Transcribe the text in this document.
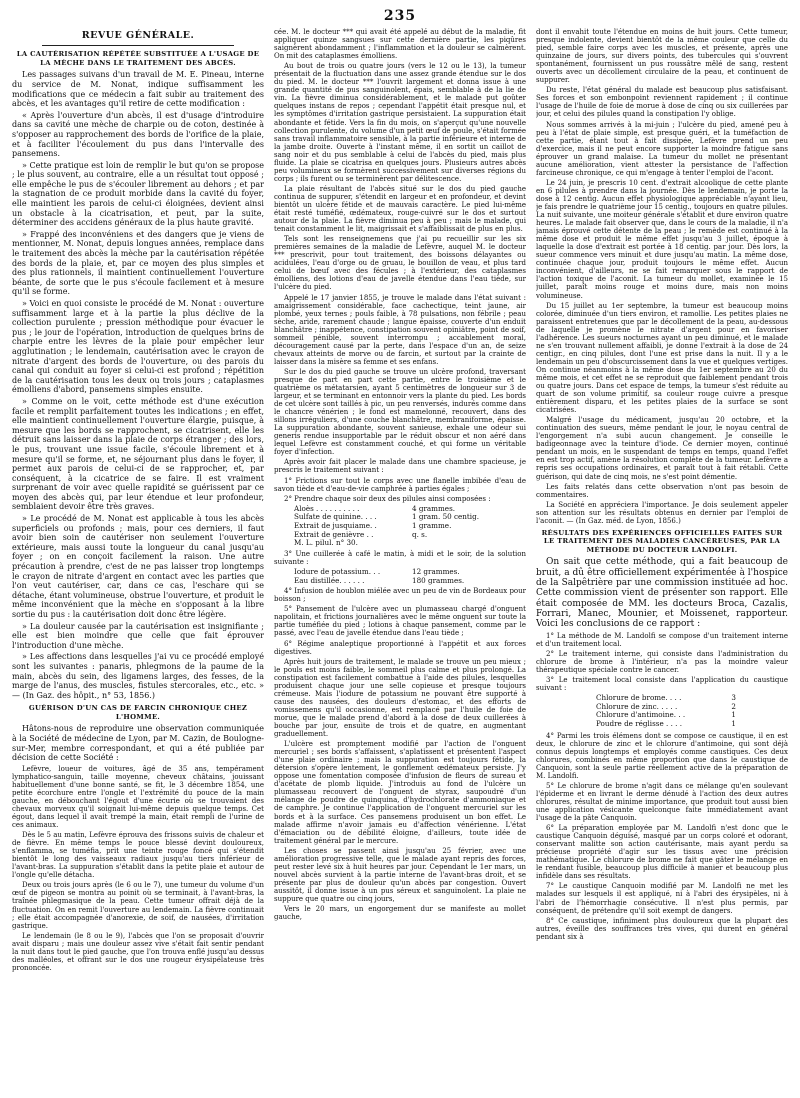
235
REVUE GÉNÉRALE.
LA CAUTÉRISATION RÉPÉTÉE SUBSTITUÉE A L'USAGE DE LA MÈCHE DANS LE TRAITEMENT DES ABCÈS.

Les passages suivans d'un travail de M. E. Pineau, interne du service de M. Nonat, indique suffisamment les modifications que ce médecin a fait subir au traitement des abcès, et les avantages qu'il retire de cette modification :

« Après l'ouverture d'un abcès, il est d'usage d'introduire dans sa cavité une mèche de charpie ou de coton, destinée à s'opposer au rapprochement des bords de l'orifice de la plaie, et à faciliter l'écoulement du pus dans l'intervalle des pansemens.

» Cette pratique est loin de remplir le but qu'on se propose ; le plus souvent, au contraire, elle a un résultat tout opposé ; elle empêche le pus de s'écouler librement au dehors ; et par la stagnation de ce produit morbide dans la cavité du foyer, elle maintient les parois de celui-ci éloignées, devient ainsi un obstacle à la cicatrisation, et peut, par la suite, déterminer des accidens généraux de la plus haute gravité.

» Frappé des inconvéniens et des dangers que je viens de mentionner, M. Nonat, depuis longues années, remplace dans le traitement des abcès la mèche par la cautérisation répétée des bords de la plaie, et, par ce moyen des plus simples et des plus rationnels, il maintient continuellement l'ouverture béante, de sorte que le pus s'écoule facilement et à mesure qu'il se forme.

» Voici en quoi consiste le procédé de M. Nonat : ouverture suffisamment large et à la partie la plus déclive de la collection purulente ; pression méthodique pour évacuer le pus ; le jour de l'opération, introduction de quelques brins de charpie entre les lèvres de la plaie pour empêcher leur agglutination ; le lendemain, cautérisation avec le crayon de nitrate d'argent des bords de l'ouverture, ou des parois du canal qui conduit au foyer si celui-ci est profond ; répétition de la cautérisation tous les deux ou trois jours ; cataplasmes émolliens d'abord, pansemens simples ensuite.

» Comme on le voit, cette méthode est d'une exécution facile et remplit parfaitement toutes les indications ; en effet, elle maintient continuellement l'ouverture élargie, puisque, à mesure que les bords se rapprochent, se cicatrisent, elle les détruit sans laisser dans la plaie de corps étranger ; des lors, le pus, trouvant une issue facile, s'écoule librement et à mesure qu'il se forme, et, ne séjournant plus dans le foyer, il permet aux parois de celui-ci de se rapprocher, et, par conséquent, à la cicatrice de se faire. Il est vraiment surprenant de voir avec quelle rapidité se guérissent par ce moyen des abcès qui, par leur étendue et leur profondeur, semblaient devoir être très graves.

» Le procédé de M. Nonat est applicable à tous les abcès superficiels ou profonds ; mais, pour ces derniers, il faut avoir bien soin de cautériser non seulement l'ouverture extérieure, mais aussi toute la longueur du canal jusqu'au foyer ; on en conçoit facilement la raison. Une autre précaution à prendre, c'est de ne pas laisser trop longtemps le crayon de nitrate d'argent en contact avec les parties que l'on veut cautériser, car, dans ce cas, l'eschare qui se détache, étant volumineuse, obstrue l'ouverture, et produit le même inconvénient que la mèche en s'opposant à la libre sortie du pus : la cautérisation doit donc être légère.

» La douleur causée par la cautérisation est insignifiante ; elle est bien moindre que celle que fait éprouver l'introduction d'une mèche.

» Les affections dans lesquelles j'ai vu ce procédé employé sont les suivantes : panaris, phlegmons de la paume de la main, abcès du sein, des ligamens larges, des fesses, de la marge de l'anus, des muscles, fistules stercorales, etc., etc. » — (In Gaz. des hôpit., n° 53, 1856.)

GUÉRISON D'UN CAS DE FARCIN CHRONIQUE CHEZ L'HOMME.

Hâtons-nous de reproduire une observation communiquée à la Société de médecine de Lyon, par M. Cazin, de Boulogne-sur-Mer, membre correspondant, et qui a été publiée par décision de cette Société :

Lefèvre, loueur de voitures, âgé de 35 ans, tempérament lymphatico-sanguin, taille moyenne, cheveux châtains, jouissant habituellement d'une bonne santé, se fit, le 3 décembre 1854, une petite écorchure entre l'ongle et l'extrémité du pouce de la main gauche, en débouchant l'égout d'une écurie où se trouvaient des chevaux morveux qu'il soignait lui-même depuis quelque temps. Cet égout, dans lequel il avait trempé la main, était rempli de l'urine de ces animaux.

Dès le 5 au matin, Lefèvre éprouva des frissons suivis de chaleur et de fièvre. En même temps le pouce blessé devint douloureux, s'enflamma, se tuméfia, prit une teinte rouge foncé qui s'étendit bientôt le long des vaisseaux radiaux jusqu'au tiers inférieur de l'avant-bras. La suppuration s'établit dans la petite plaie et autour de l'ongle qu'elle détacha.

Deux ou trois jours après (le 6 ou le 7), une tumeur du volume d'un œuf de pigeon se montra au poinit où se terminait, à l'avant-bras, la traînée phlegmasique de la peau. Cette tumeur offrait déjà de la fluctuation. On en remit l'ouverture au lendemain. La fièvre continuait ; elle était accompagnée d'anorexie, de soif, de nausées, d'irritation gastrique.

Le lendemain (le 8 ou le 9), l'abcès que l'on se proposait d'ouvrir avait disparu ; mais une douleur assez vive s'était fait sentir pendant la nuit dans tout le pied gauche, que l'on trouva enflé jusqu'au dessus des malléoles, et offrant sur le dos une rougeur érysipélateuse très prononcée.

cée. M. le docteur *** qui avait été appelé au début de la maladie, fit appliquer quinze sangsues sur cette dernière partie, les piqûres saignèrent abondamment ; l'inflammation et la douleur se calmèrent. On mit des cataplasmes émolliens.

Au bout de trois ou quatre jours (vers le 12 ou le 13), la tumeur présentait de la fluctuation dans une assez grande étendue sur le dos du pied. M. le docteur *** l'ouvrit largement et donna issue à une grande quantité de pus sanguinolent, épais, semblable à de la lie de vin. La fièvre diminua considérablement, et le malade put goûter quelques instans de repos ; cependant l'appétit était presque nul, et les symptômes d'irritation gastrique persistaient. La suppuration était abondante et fétide. Vers la fin du mois, on s'aperçut qu'une nouvelle collection purulente, du volume d'un petit œuf de poule, s'était formée sans travail inflammatoire sensible, à la partie inférieure et interne de la jambe droite. Ouverte à l'instant même, il en sortit un caillot de sang noir et du pus semblable à celui de l'abcès du pied, mais plus fluide. La plaie se cicatrisa en quelques jours. Plusieurs autres abcès peu volumineux se formèrent successivement sur diverses régions du corps ; ils furent ou se terminèrent par délitescence.

La plaie résultant de l'abcès situé sur le dos du pied gauche continua de suppurer, s'étendit en largeur et en profondeur, et devint bientôt un ulcère fétide et de mauvais caractère. Le pied lui-même était resté tuméfié, œdémateux, rouge-cuivré sur le dos et surtout autour de la plaie. La fièvre diminua peu à peu ; mais le malade, qui tenait constamment le lit, maigrissait et s'affaiblissait de plus en plus.

Tels sont les renseignemens que j'ai pu recueillir sur les six premières semaines de la maladie de Lefèvre, auquel M. le docteur *** prescrivit, pour tout traitement, des boissons délayantes ou acidulées, l'eau d'orge ou de gruau, le bouillon de veau, et plus tard celui de bœuf avec des fécules ; à l'extérieur, des cataplasmes émolliens, des lotions d'eau de javelle étendue dans l'eau tiède, sur l'ulcère du pied.

Appelé le 17 janvier 1855, je trouve le malade dans l'état suivant : amaigrissement considérable, face cachectique, teint jaune, air plombé, yeux ternes ; pouls faible, à 78 pulsations, non fébrile ; peau sèche, aride, rarement chaude ; langue épaisse, couverte d'un enduit blanchâtre ; inappétence, constipation souvent opiniâtre, point de soif, sommeil pénible, souvent interrompu ; accablement moral, découragement causé par la perte, dans l'espace d'un an, de seize chevaux atteints de morve ou de farcin, et surtout par la crainte de laisser dans la misère sa femme et ses enfans.

Sur le dos du pied gauche se trouve un ulcère profond, traversant presque de part en part cette partie, entre le troisième et le quatrième os métatarsien, ayant 5 centimètres de longueur sur 3 de largeur, et se terminant en entonnoir vers la plante du pied. Les bords de cet ulcère sont taillés à pic, un peu renversés, indurés comme dans le chancre vénérien ; le fond est mamelonné, recouvert, dans des sillons irréguliers, d'une couche blanchâtre, membraniforme, épaisse. La suppuration abondante, souvent sanieuse, exhale une odeur sui generis rendue insupportable par le réduit obscur et non aéré dans lequel Lefèvre est constamment couché, et qui forme un véritable foyer d'infection.

Après avoir fait placer le malade dans une chambre spacieuse, je prescris le traitement suivant :

1° Frictions sur tout le corps avec une flanelle imbibée d'eau de savon tiède et d'eau-de-vie camphrée à parties égales ;

2° Prendre chaque soir deux des pilules ainsi composées :

Aloès . . . . . . . . . .	4 grammes.
Sulfate de quinine. . . .	1 gram. 50 centig.
Extrait de jusquiame. .	1 gramme.
Extrait de genièvre . .	q. s.
M. L. pilul. n° 30.

3° Une cuillerée à café le matin, à midi et le soir, de la solution suivante :

Iodure de potassium. . .	12 grammes.
Eau distillée. . . . . .	180 grammes.

4° Infusion de houblon miélée avec un peu de vin de Bordeaux pour boisson ;

5° Pansement de l'ulcère avec un plumasseau chargé d'onguent napolitain, et frictions journalières avec le même onguent sur toute la partie tuméfiée du pied ; lotions à chaque pansement, comme par le passé, avec l'eau de javelle étendue dans l'eau tiède ;

6° Régime analeptique proportionné à l'appétit et aux forces digestives.

Après huit jours de traitement, le malade se trouve un peu mieux ; le pouls est moins faible, le sommeil plus calme et plus prolongé. La constipation est facilement combattue à l'aide des pilules, lesquelles produisent chaque jour une selle copieuse et presque toujours crémeuse. Mais l'iodure de potassium ne pouvant être supporté à cause des nausées, des douleurs d'estomac, et des efforts de vomissemens qu'il occasionne, est remplacé par l'huile de foie de morue, que le malade prend d'abord à la dose de deux cuillerées à bouche par jour, ensuite de trois et de quatre, en augmentant graduellement.

L'ulcère est promptement modifié par l'action de l'onguent mercuriel ; ses bords s'affaissent, s'aplatissent et présentent l'aspect d'une plaie ordinaire ; mais la suppuration est toujours fétide, la détersion s'opère lentement, le gonflement œdémateux persiste. J'y oppose une fomentation composée d'infusion de fleurs de sureau et d'acétate de plomb liquide. J'introduis au fond de l'ulcère un plumasseau recouvert de l'onguent de styrax, saupoudré d'un mélange de poudre de quinquina, d'hydrochlorate d'ammoniaque et de camphre. Je continue l'application de l'onguent mercuriel sur les bords et à la surface. Ces pansemens produisent un bon effet. Le malade affirme n'avoir jamais eu d'affection vénérienne. L'état d'émaciation ou de débilité éloigne, d'ailleurs, toute idée de traitement général par le mercure.

Les choses se passent ainsi jusqu'au 25 février, avec une amélioration progressive telle, que le malade ayant repris des forces, peut rester levé six à huit heures par jour. Cependant le 1er mars, un nouvel abcès survient à la partie interne de l'avant-bras droit, et se présente par plus de douleur qu'un abcès par congestion. Ouvert aussitôt, il donne issue à un pus séreux et sanguinolent. La plaie ne suppure que quatre ou cinq jours,

Vers le 20 mars, un engorgement dur se manifeste au mollet gauche,

dont il envahit toute l'étendue en moins de huit jours. Cette tumeur, presque indolente, devient bientôt de la même couleur que celle du pied, semble faire corps avec les muscles, et présente, après une quinzaine de jours, sur divers points, des tubercules qui s'ouvrent spontanément, fournissent un pus roussâtre mêlé de sang, restent ouverts avec un décollement circulaire de la peau, et continuent de suppurer.

Du reste, l'état général du malade est beaucoup plus satisfaisant. Ses forces et son embonpoint reviennent rapidement ; il continue l'usage de l'huile de foie de morue à dose de cinq ou six cuillerées par jour, et celui des pilules quand la constipation l'y oblige.

Nous sommes arrivés à la mi-juin ; l'ulcère du pied, amené peu à peu à l'état de plaie simple, est presque guéri, et la tuméfaction de cette partie, étant tout à fait dissipée, Lefèvre prend un peu d'exercice, mais il ne peut encore supporter la moindre fatigue sans éprouver un grand malaise. La tumeur du mollet ne présentant aucune amélioration, vient attester la persistance de l'affection farcineuse chronique, ce qui m'engage à tenter l'emploi de l'acont.

Le 24 juin, je prescris 10 cent. d'extrait alcoolique de cette plante en 6 pilules à prendre dans la journée. Dès le lendemain, je porte la dose à 12 centig. Aucun effet physiologique appréciable n'ayant lieu, je fais prendre le quatrième jour 15 centig., toujours en quatre pilules. La nuit suivante, une moiteur générale s'établit et dure environ quatre heures. Le malade fait observer que, dans le cours de la maladie, il n'a jamais éprouvé cette détente de la peau ; le remède est continué à la même dose et produit le même effet jusqu'au 3 juillet, époque à laquelle la dose d'extrait est portée à 18 centig. par jour. Dès lors, la sueur commence vers minuit et dure jusqu'au matin. La même dose, continuée chaque jour, produit toujours le même effet. Aucun inconvénient, d'ailleurs, ne se fait remarquer sous le rapport de l'action toxique de l'aconit. La tumeur du mollet, examinée le 15 juillet, paraît moins rouge et moins dure, mais non moins volumineuse.

Du 15 juillet au 1er septembre, la tumeur est beaucoup moins colorée, diminuée d'un tiers environ, et ramollie. Les petites plaies ne paraissent entretenues que par le décollement de la peau, au-dessous de laquelle je promène le nitrate d'argent pour en favoriser l'adhérence. Les sueurs nocturnes ayant un peu diminué, et le malade ne s'en trouvant nullement affaibli, je donne l'extrait à la dose de 24 centigr., en cinq pilules, dont l'une est prise dans la nuit. Il y a le lendemain un peu d'obscurcissement dans la vue et quelques vertiges. On continue néanmoins à la même dose du 1er septembre au 20 du même mois, et cet effet ne se reproduit que faiblement pendant trois ou quatre jours. Dans cet espace de temps, la tumeur s'est réduite au quart de son volume primitif, sa couleur rouge cuivre a presque entièrement disparu, et les petites plaies de la surface se sont cicatrisées.

Malgré l'usage du médicament, jusqu'au 20 octobre, et la continuation des sueurs, même pendant le jour, le noyau central de l'engorgement n'a subi aucun changement. Je conseille le badigeonnage avec la teinture d'iode. Ce dernier moyen, continué pendant un mois, en le suspendant de temps en temps, quand l'effet en est trop actif, amène la résolution complète de la tumeur. Lefèvre a repris ses occupations ordinaires, et paraît tout à fait rétabli. Cette guérison, qui date de cinq mois, ne s'est point démentie.

Les faits relatés dans cette observation n'ont pas besoin de commentaires.

La Société en appréciera l'importance. Je dois seulement appeler son attention sur les résultats obtenus en dernier par l'emploi de l'aconit. — (In Gaz. méd. de Lyon, 1856.)

RÉSULTATS DES EXPÉRIENCES OFFICIELLES FAITES SUR LE TRAITEMENT DES MALADIES CANCÉREUSES, PAR LA MÉTHODE DU DOCTEUR LANDOLFI.

On sait que cette méthode, qui a fait beaucoup de bruit, a dû être officiellement expérimentée à l'hospice de la Salpêtrière par une commission instituée ad hoc. Cette commission vient de présenter son rapport. Elle était composée de MM. les docteurs Broca, Cazalis, Forrari, Manec, Mounier, et Moissenet, rapporteur. Voici les conclusions de ce rapport :

1° La méthode de M. Landolfi se compose d'un traitement interne et d'un traitement local.

2° Le traitement interne, qui consiste dans l'administration du chlorure de brome à l'intérieur, n'a pas la moindre valeur thérapeutique spéciale contre le cancer.

3° Le traitement local consiste dans l'application du caustique suivant :

Chlorure de brome. . . .	3
Chlorure de zinc. . . . .	2
Chlorure d'antimoine. . .	1
Poudre de réglisse . . . .	1

4° Parmi les trois élémens dont se compose ce caustique, il en est deux, le chlorure de zinc et le chlorure d'antimoine, qui sont déjà connus depuis longtemps et employés comme caustiques. Ces deux chlorures, combinés en même proportion que dans le caustique de Canquoin, sont la seule partie réellement active de la préparation de M. Landolfi.

5° Le chlorure de brome n'agit dans ce mélange qu'en soulevant l'épiderme et en livrant le derme dénudé à l'action des deux autres chlorures, résultat de minime importance, que produit tout aussi bien une application vésicante quelconque faite immédiatement avant l'usage de la pâte Canquoin.

6° La préparation employée par M. Landolfi n'est donc que le caustique Canquoin déguisé, masqué par un corps coloré et odorant, conservant malitte son action cautérisante, mais ayant perdu sa précieuse propriété d'agir sur les tissus avec une précision mathématique. Le chlorure de brome ne fait que gâter le mélange en le rendant fusible, beaucoup plus difficile à manier et beaucoup plus infidèle dans ses résultats.

7° Le caustique Canquoin modifié par M. Landolfi ne met les malades sur lesquels il est appliqué, ni à l'abri des érysipèles, ni à l'abri de l'hémorrhagie consécutive. Il n'est plus permis, par conséquent, de prétendre qu'il soit exempt de dangers.

8° Ce caustique, infiniment plus douloureux que la plupart des autres, éveille des souffrances très vives, qui durent en général pendant six à
